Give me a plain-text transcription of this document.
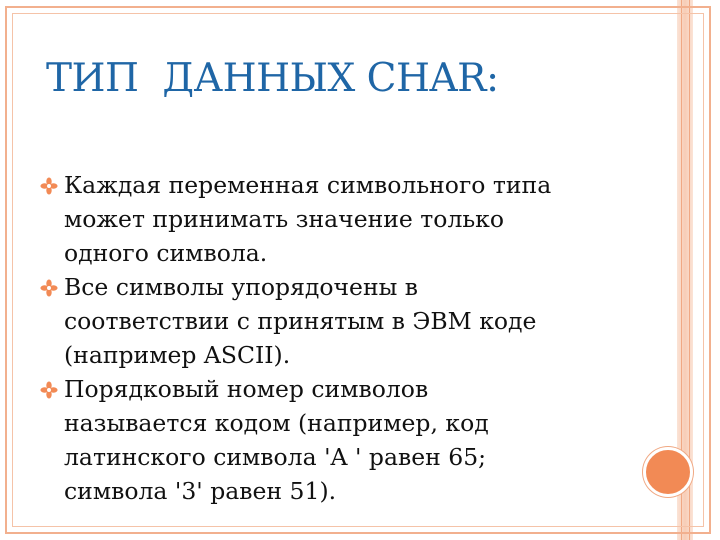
ТИП  ДАННЫХ CHAR:
Каждая переменная символьного типа
может принимать значение только
одного символа.
Все символы упорядочены в
соответствии с принятым в ЭВМ коде
(например ASCII).
Порядковый номер символов
называется кодом (например, код
латинского символа 'A ' равен 65;
символа '3' равен 51).
